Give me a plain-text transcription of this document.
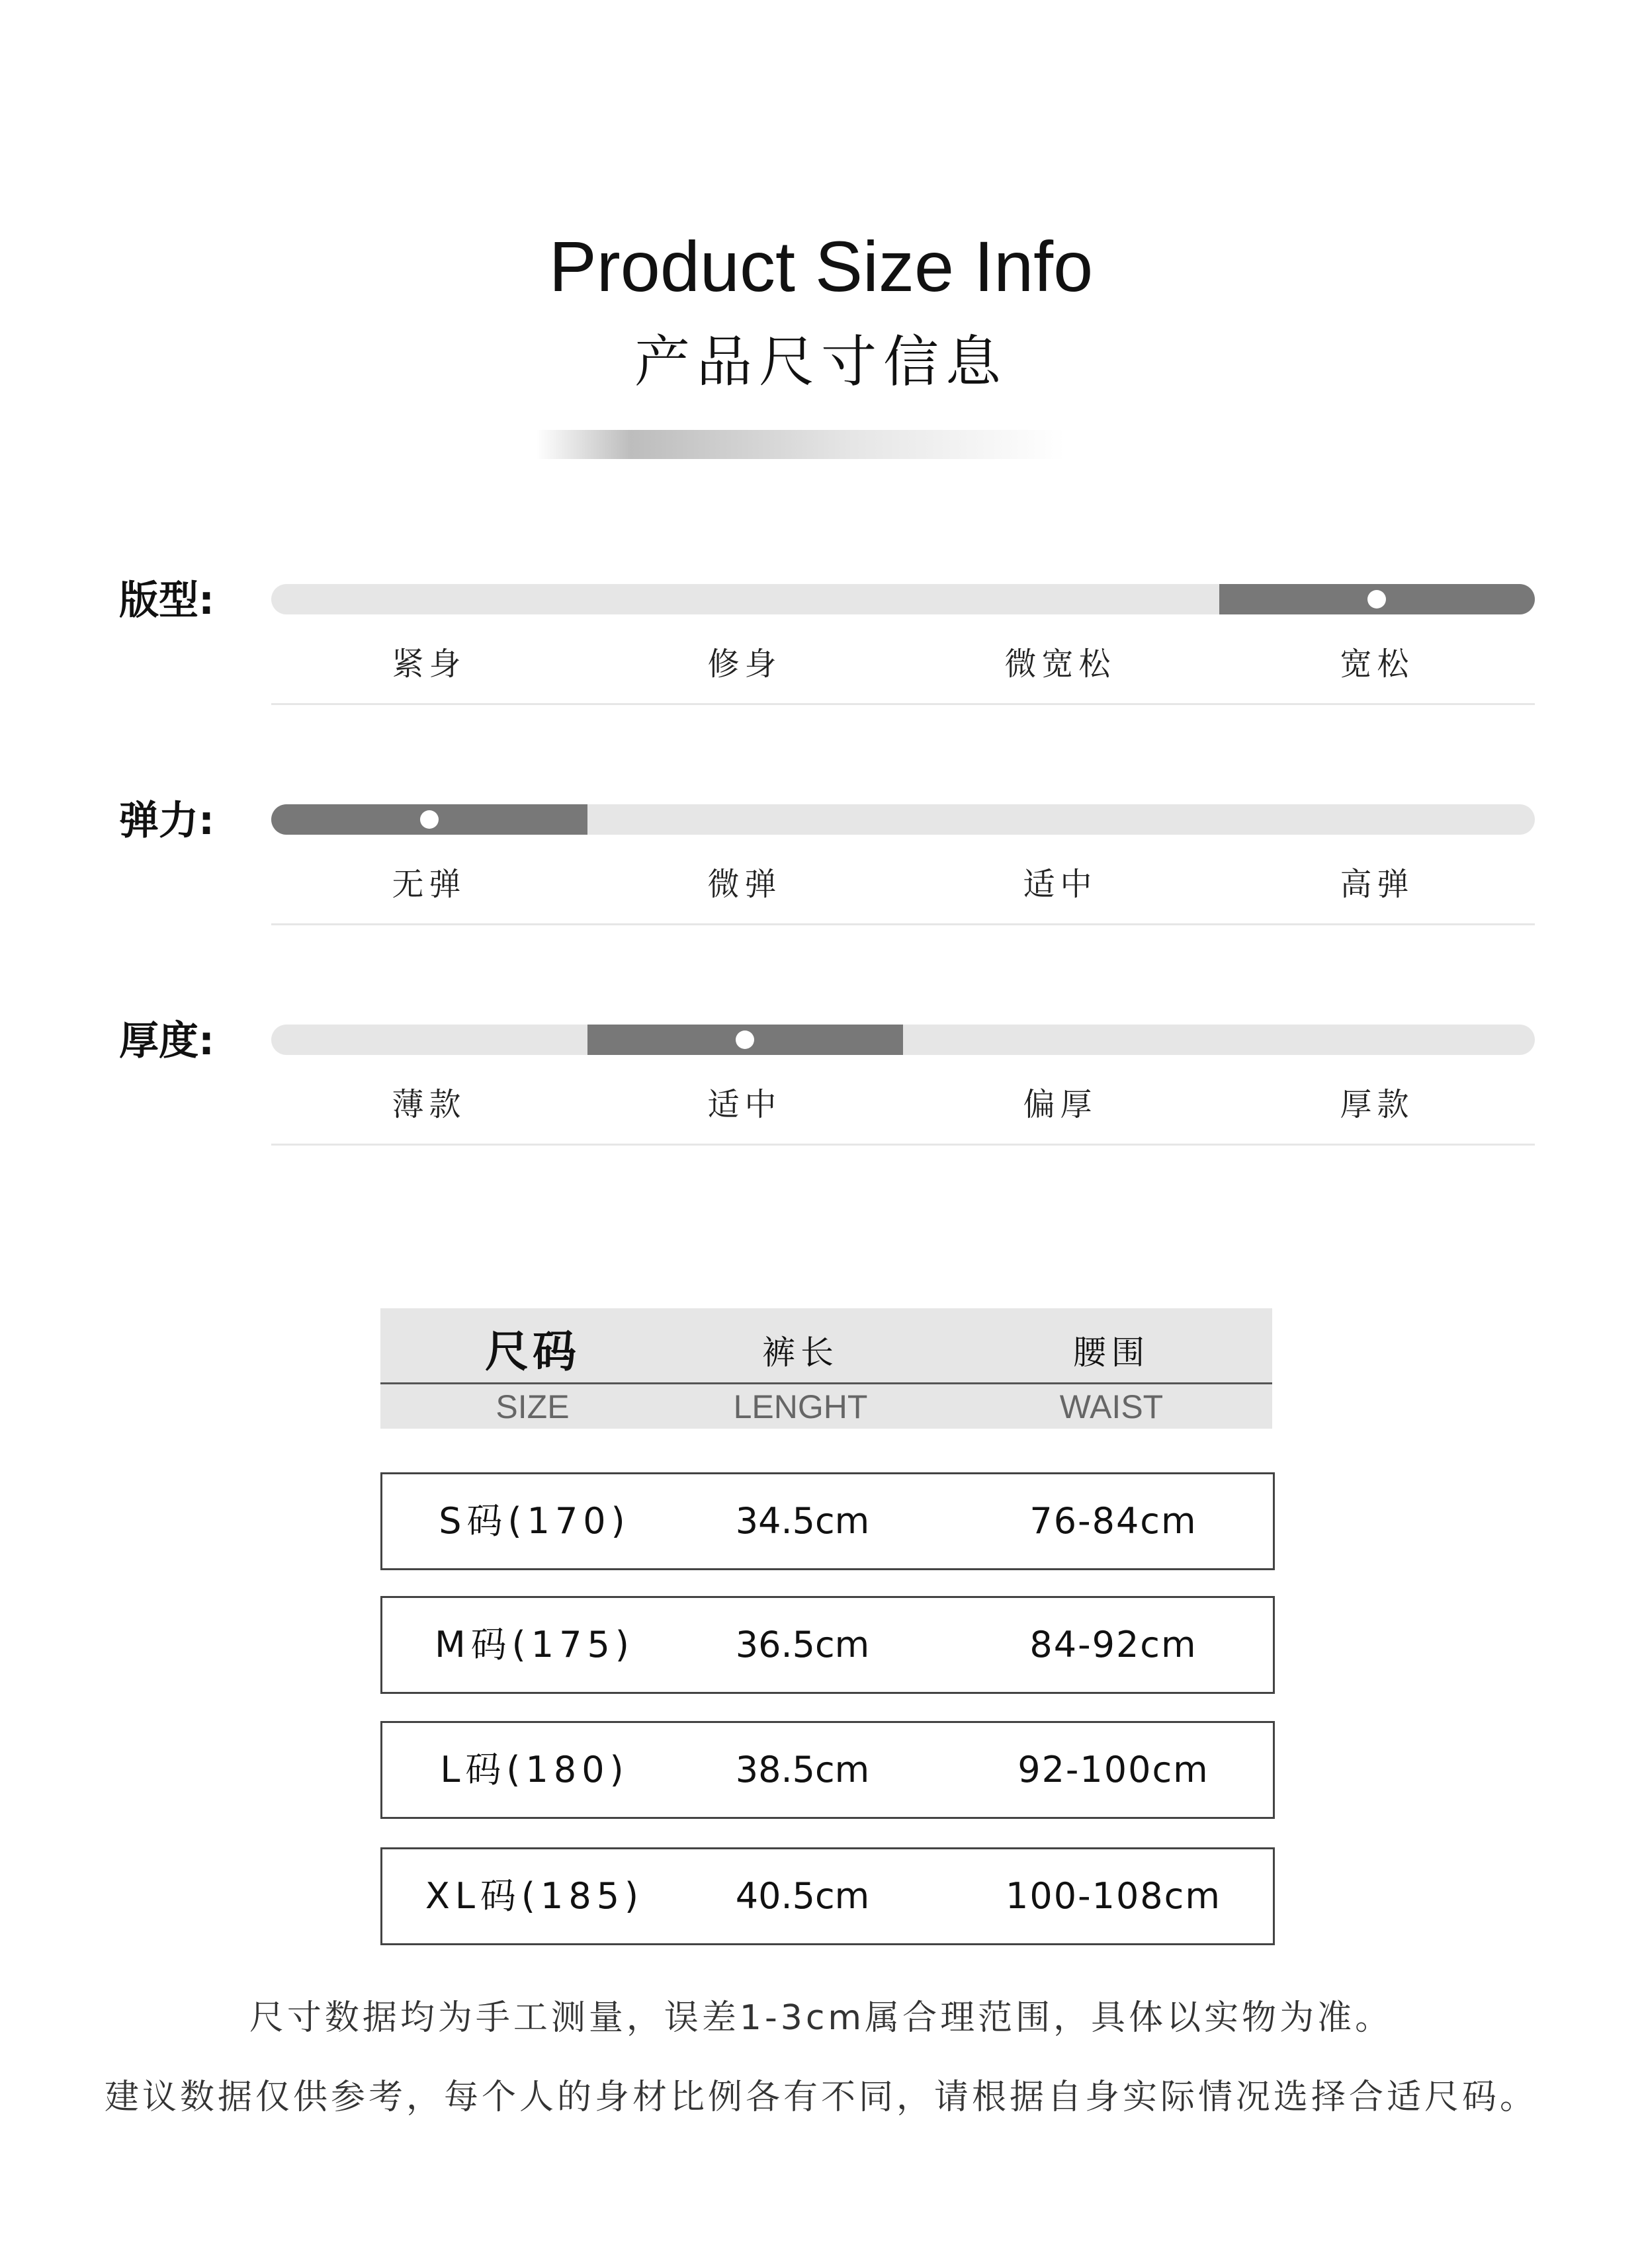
Product Size Info
产品尺寸信息
版型:
紧身	修身	微宽松	宽松
弹力:
无弹	微弹	适中	高弹
厚度:
薄款	适中	偏厚	厚款
尺码	裤长	腰围
SIZE	LENGHT	WAIST
S码(170)	34.5cm	76-84cm
M码(175)	36.5cm	84-92cm
L码(180)	38.5cm	92-100cm
XL码(185)	40.5cm	100-108cm
尺寸数据均为手工测量，误差1-3cm属合理范围，具体以实物为准。
建议数据仅供参考，每个人的身材比例各有不同，请根据自身实际情况选择合适尺码。
